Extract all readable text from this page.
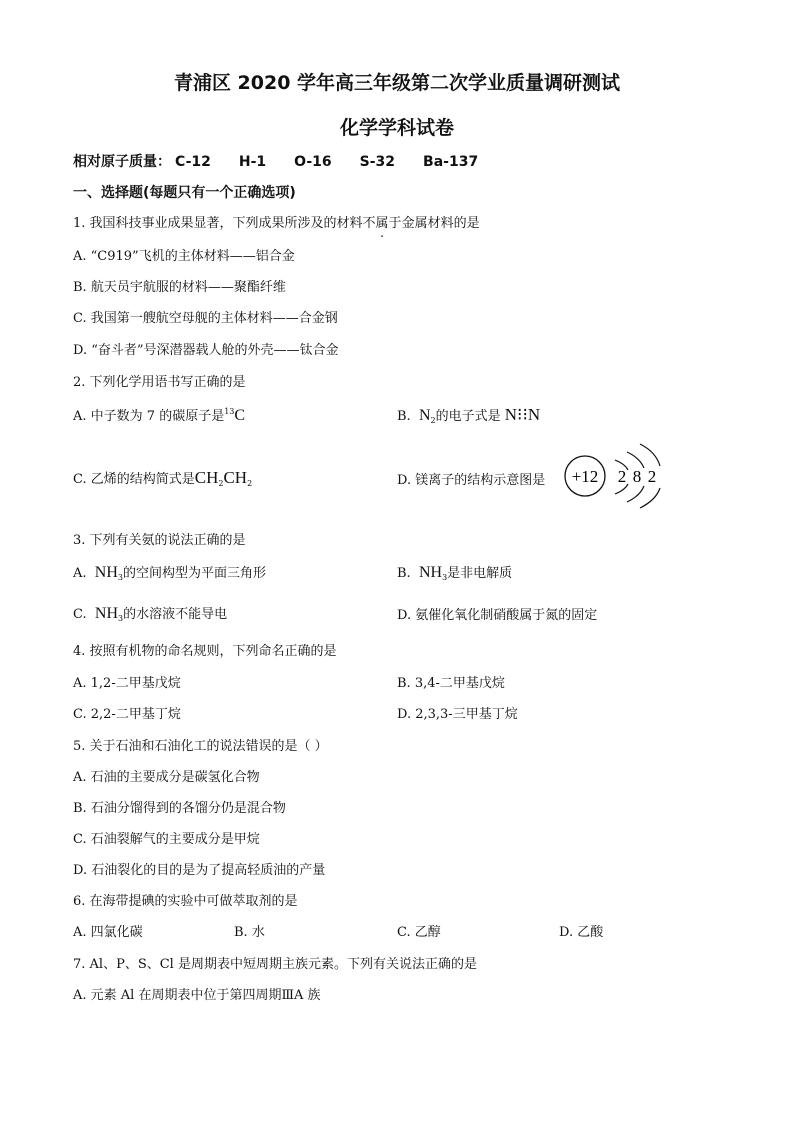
青浦区 2020 学年高三年级第二次学业质量调研测试
化学学科试卷
相对原子质量： C-12 H-1 O-16 S-32 Ba-137
一、选择题(每题只有一个正确选项)
1. 我国科技事业成果显著，下列成果所涉及的材料不属于金属材料的是
A. “C919”飞机的主体材料——铝合金
B. 航天员宇航服的材料——聚酯纤维
C. 我国第一艘航空母舰的主体材料——合金钢
D. “奋斗者”号深潜器载人舱的外壳——钛合金
2. 下列化学用语书写正确的是
A. 中子数为 7 的碳原子是$^{13}$C	B. $N_2$的电子式是 N⁝⁝N
C. 乙烯的结构简式是$CH_2CH_2$	D. 镁离子的结构示意图是 +12 2 8 2
3. 下列有关氨的说法正确的是
A. $NH_3$的空间构型为平面三角形	B. $NH_3$是非电解质
C. $NH_3$的水溶液不能导电	D. 氨催化氧化制硝酸属于氮的固定
4. 按照有机物的命名规则，下列命名正确的是
A. 1,2-二甲基戊烷	B. 3,4-二甲基戊烷
C. 2,2-二甲基丁烷	D. 2,3,3-三甲基丁烷
5. 关于石油和石油化工的说法错误的是（ ）
A. 石油的主要成分是碳氢化合物
B. 石油分馏得到的各馏分仍是混合物
C. 石油裂解气的主要成分是甲烷
D. 石油裂化的目的是为了提高轻质油的产量
6. 在海带提碘的实验中可做萃取剂的是
A. 四氯化碳	B. 水	C. 乙醇	D. 乙酸
7. Al、P、S、Cl 是周期表中短周期主族元素。下列有关说法正确的是
A. 元素 Al 在周期表中位于第四周期ⅢA 族
